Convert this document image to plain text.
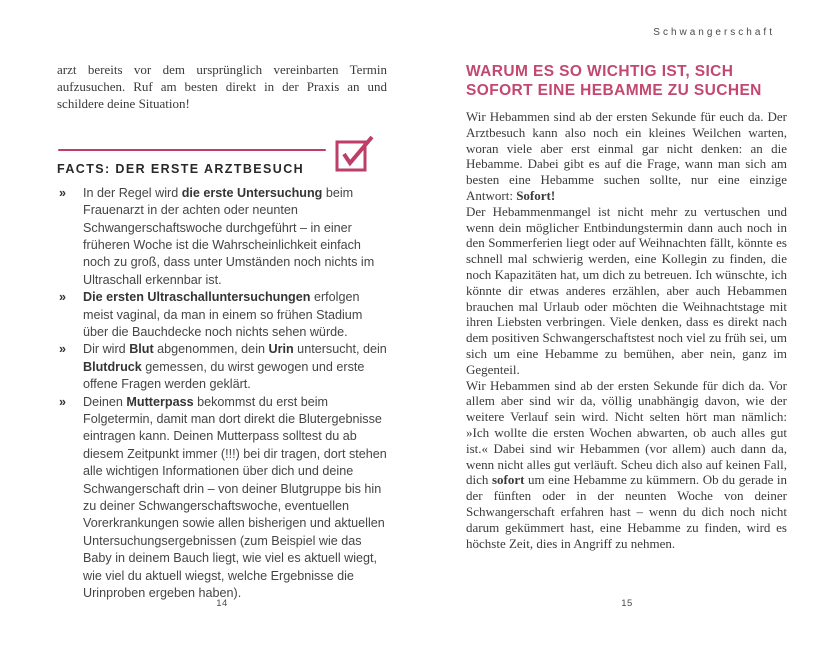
Schwangerschaft

arzt bereits vor dem ursprünglich vereinbarten Termin aufzusuchen. Ruf am besten direkt in der Praxis an und schildere deine Situation!

FACTS: DER ERSTE ARZTBESUCH
» In der Regel wird die erste Untersuchung beim Frauenarzt in der achten oder neunten Schwangerschaftswoche durchgeführt – in einer früheren Woche ist die Wahrscheinlichkeit einfach noch zu groß, dass unter Umständen noch nichts im Ultraschall erkennbar ist.
» Die ersten Ultraschalluntersuchungen erfolgen meist vaginal, da man in einem so frühen Stadium über die Bauchdecke noch nichts sehen würde.
» Dir wird Blut abgenommen, dein Urin untersucht, dein Blutdruck gemessen, du wirst gewogen und erste offene Fragen werden geklärt.
» Deinen Mutterpass bekommst du erst beim Folgetermin, damit man dort direkt die Blutergebnisse eintragen kann. Deinen Mutterpass solltest du ab diesem Zeitpunkt immer (!!!) bei dir tragen, dort stehen alle wichtigen Informationen über dich und deine Schwangerschaft drin – von deiner Blutgruppe bis hin zu deiner Schwangerschaftswoche, eventuellen Vorerkrankungen sowie allen bisherigen und aktuellen Untersuchungsergebnissen (zum Beispiel wie das Baby in deinem Bauch liegt, wie viel es aktuell wiegt, wie viel du aktuell wiegst, welche Ergebnisse die Urinproben ergeben haben).
WARUM ES SO WICHTIG IST, SICH SOFORT EINE HEBAMME ZU SUCHEN

Wir Hebammen sind ab der ersten Sekunde für euch da. Der Arztbesuch kann also noch ein kleines Weilchen warten, woran viele aber erst einmal gar nicht denken: an die Hebamme. Dabei gibt es auf die Frage, wann man sich am besten eine Hebamme suchen sollte, nur eine einzige Antwort: Sofort!

Der Hebammenmangel ist nicht mehr zu vertuschen und wenn dein möglicher Entbindungstermin dann auch noch in den Sommerferien liegt oder auf Weihnachten fällt, könnte es schnell mal schwierig werden, eine Kollegin zu finden, die noch Kapazitäten hat, um dich zu betreuen. Ich wünschte, ich könnte dir etwas anderes erzählen, aber auch Hebammen brauchen mal Urlaub oder möchten die Weihnachtstage mit ihren Liebsten verbringen. Viele denken, dass es direkt nach dem positiven Schwangerschaftstest noch viel zu früh sei, um sich um eine Hebamme zu bemühen, aber nein, ganz im Gegenteil.

Wir Hebammen sind ab der ersten Sekunde für dich da. Vor allem aber sind wir da, völlig unabhängig davon, wie der weitere Verlauf sein wird. Nicht selten hört man nämlich: »Ich wollte die ersten Wochen abwarten, ob auch alles gut ist.« Dabei sind wir Hebammen (vor allem) auch dann da, wenn nicht alles gut verläuft. Scheu dich also auf keinen Fall, dich sofort um eine Hebamme zu kümmern. Ob du gerade in der fünften oder in der neunten Woche von deiner Schwangerschaft erfahren hast – wenn du dich noch nicht darum gekümmert hast, eine Hebamme zu finden, wird es höchste Zeit, dies in Angriff zu nehmen.

14	15
